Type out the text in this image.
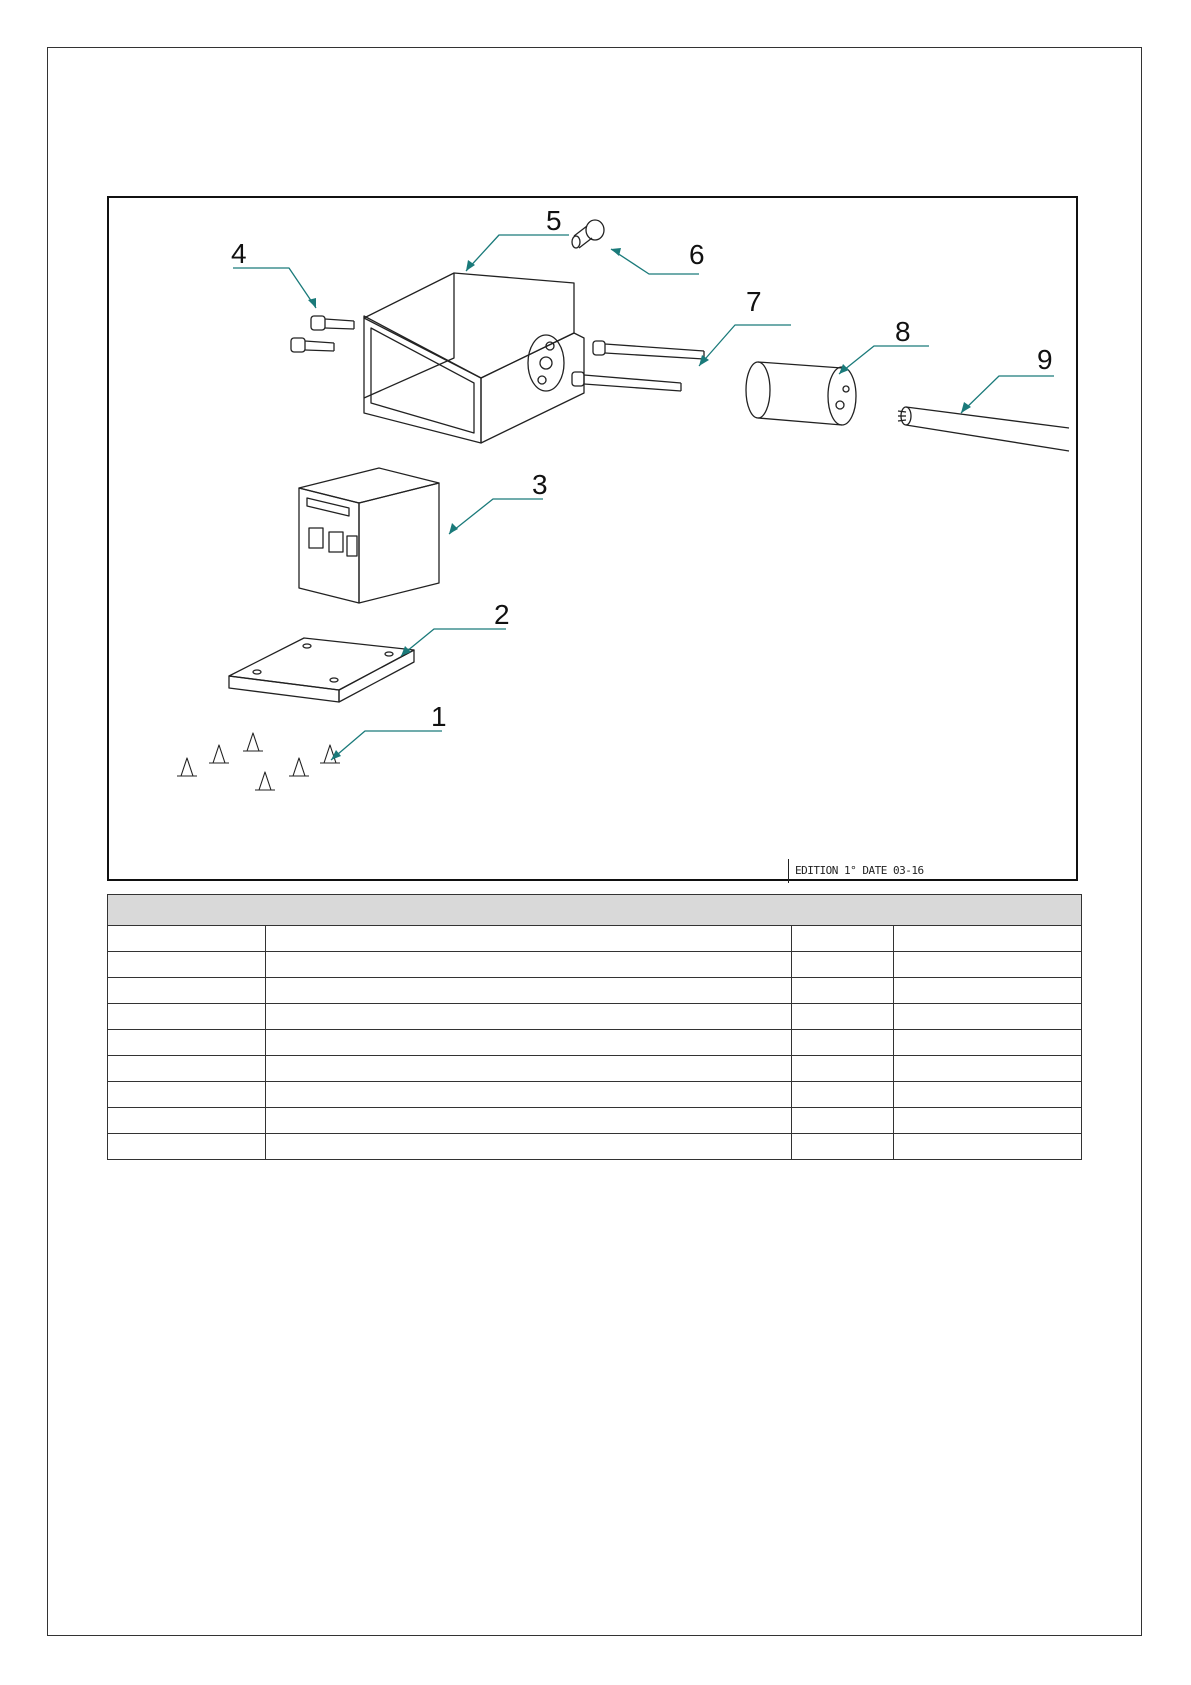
1
2
3
4
5
6
7
8
9
EDITION 1° DATE 03-16
